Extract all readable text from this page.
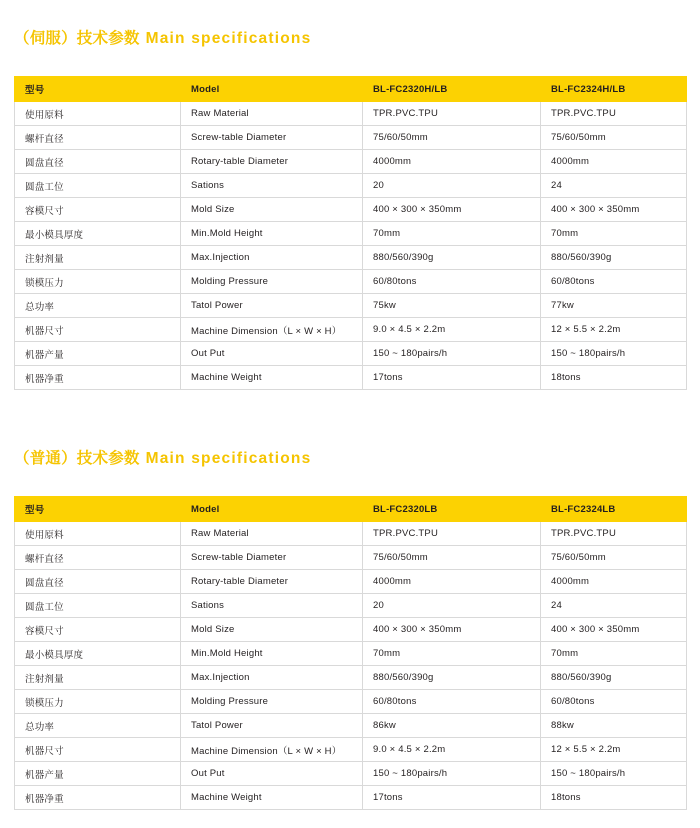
（伺服）技术参数 Main specifications
型号	Model	BL-FC2320H/LB	BL-FC2324H/LB
使用原料	Raw Material	TPR.PVC.TPU	TPR.PVC.TPU
螺杆直径	Screw-table Diameter	75/60/50mm	75/60/50mm
圆盘直径	Rotary-table Diameter	4000mm	4000mm
圆盘工位	Sations	20	24
容模尺寸	Mold Size	400 × 300 × 350mm	400 × 300 × 350mm
最小模具厚度	Min.Mold Height	70mm	70mm
注射剂量	Max.Injection	880/560/390g	880/560/390g
锁模压力	Molding Pressure	60/80tons	60/80tons
总功率	Tatol Power	75kw	77kw
机器尺寸	Machine Dimension（L × W × H）	9.0 × 4.5 × 2.2m	12 × 5.5 × 2.2m
机器产量	Out Put	150 ~ 180pairs/h	150 ~ 180pairs/h
机器净重	Machine Weight	17tons	18tons
（普通）技术参数 Main specifications
型号	Model	BL-FC2320LB	BL-FC2324LB
使用原料	Raw Material	TPR.PVC.TPU	TPR.PVC.TPU
螺杆直径	Screw-table Diameter	75/60/50mm	75/60/50mm
圆盘直径	Rotary-table Diameter	4000mm	4000mm
圆盘工位	Sations	20	24
容模尺寸	Mold Size	400 × 300 × 350mm	400 × 300 × 350mm
最小模具厚度	Min.Mold Height	70mm	70mm
注射剂量	Max.Injection	880/560/390g	880/560/390g
锁模压力	Molding Pressure	60/80tons	60/80tons
总功率	Tatol Power	86kw	88kw
机器尺寸	Machine Dimension（L × W × H）	9.0 × 4.5 × 2.2m	12 × 5.5 × 2.2m
机器产量	Out Put	150 ~ 180pairs/h	150 ~ 180pairs/h
机器净重	Machine Weight	17tons	18tons
